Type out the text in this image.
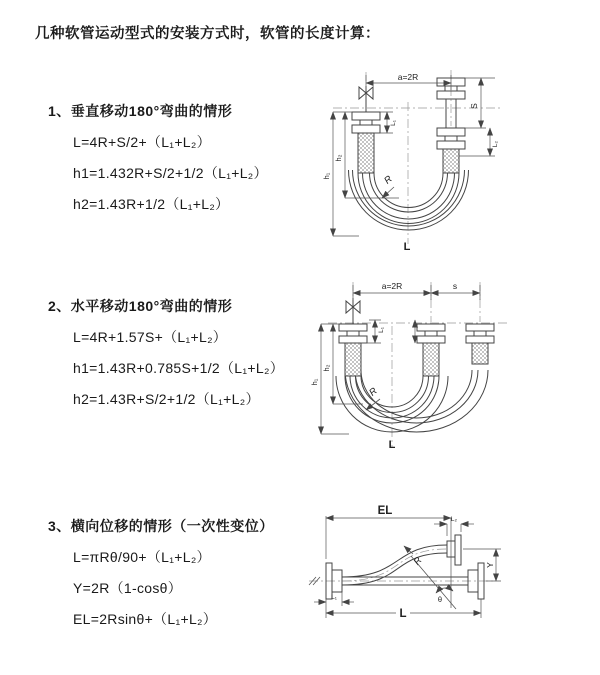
几种软管运动型式的安装方式时，软管的长度计算：
1、垂直移动180°弯曲的情形
L=4R+S/2+（L₁+L₂）
h1=1.432R+S/2+1/2（L₁+L₂）
h2=1.43R+1/2（L₁+L₂）
2、水平移动180°弯曲的情形
L=4R+1.57S+（L₁+L₂）
h1=1.43R+0.785S+1/2（L₁+L₂）
h2=1.43R+S/2+1/2（L₁+L₂）
3、横向位移的情形（一次性变位）
L=πRθ/90+（L₁+L₂）
Y=2R（1-cosθ）
EL=2Rsinθ+（L₁+L₂）
a=2R
h₁
h₂
L₁
S
L₂
R
L
a=2R	s
h₁
h₂
L₁
R
L
θ
R
EL
L₂
Y
L
L₁
